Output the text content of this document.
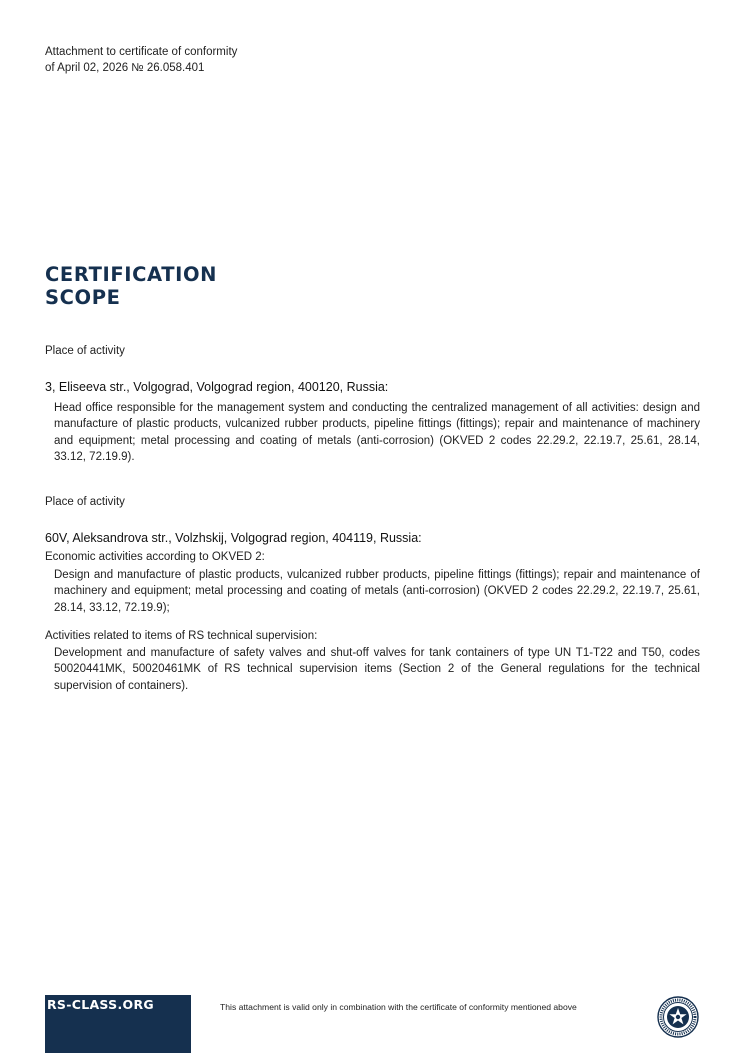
Attachment to certificate of conformity
of April 02, 2026 № 26.058.401
CERTIFICATION
SCOPE
Place of activity
3, Eliseeva str., Volgograd, Volgograd region, 400120, Russia:
Head office responsible for the management system and conducting the centralized management of all activities: design and manufacture of plastic products, vulcanized rubber products, pipeline fittings (fittings); repair and maintenance of machinery and equipment; metal processing and coating of metals (anti-corrosion) (OKVED 2 codes 22.29.2, 22.19.7, 25.61, 28.14, 33.12, 72.19.9).
Place of activity
60V, Aleksandrova str., Volzhskij, Volgograd region, 404119, Russia:
Economic activities according to OKVED 2:
Design and manufacture of plastic products, vulcanized rubber products, pipeline fittings (fittings); repair and maintenance of machinery and equipment; metal processing and coating of metals (anti-corrosion) (OKVED 2 codes 22.29.2, 22.19.7, 25.61, 28.14, 33.12, 72.19.9);
Activities related to items of RS technical supervision:
Development and manufacture of safety valves and shut-off valves for tank containers of type UN T1-T22 and T50, codes 50020441MK, 50020461MK of RS technical supervision items (Section 2 of the General regulations for the technical supervision of containers).
RS-CLASS.ORG	This attachment is valid only in combination with the certificate of conformity mentioned above
